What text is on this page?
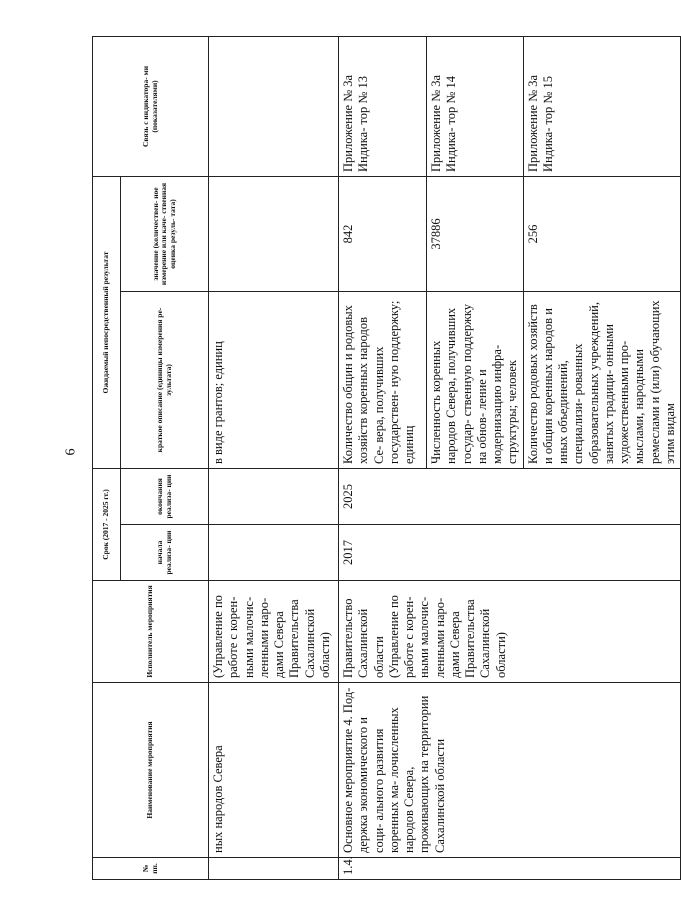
6
№ пп.	Наименование мероприятия	Исполнитель мероприятия	Срок (2017 - 2025 гг.)		Ожидаемый непосредственный результат		Связь с индикатора- ми (показателями)
			начала реализа- ции	окончания реализа- ции	краткое описание (единицы измерения ре- зультата)	значение (количествен- ное измерение или каче- ственная оценка резуль- тата)	
	ных народов Севера	(Управление по работе с корен- ными малочис- ленными наро- дами Севера Правительства Сахалинской области)			в виде грантов; единиц		
1.4.	Основное мероприятие 4. Под- держка экономического и соци- ального развития коренных ма- лочисленных народов Севера, проживающих на территории Сахалинской области	Правительство Сахалинской области (Управление по работе с корен- ными малочис- ленными наро- дами Севера Правительства Сахалинской области)	2017	2025	Количество общин и родовых хозяйств коренных народов Се- вера, получивших государствен- ную поддержку; единиц	842	Приложение № 3а Индика- тор № 13
					Численность коренных народов Севера, получивших государ- ственную поддержку на обнов- ление и модернизацию инфра- структуры; человек	37886	Приложение № 3а Индика- тор № 14
					Количество родовых хозяйств и общин коренных народов и иных объединений, специализи- рованных образовательных учреждений, занятых традици- онными художественными про- мыслами, народными ремеслами и (или) обучающих этим видам	256	Приложение № 3а Индика- тор № 15
